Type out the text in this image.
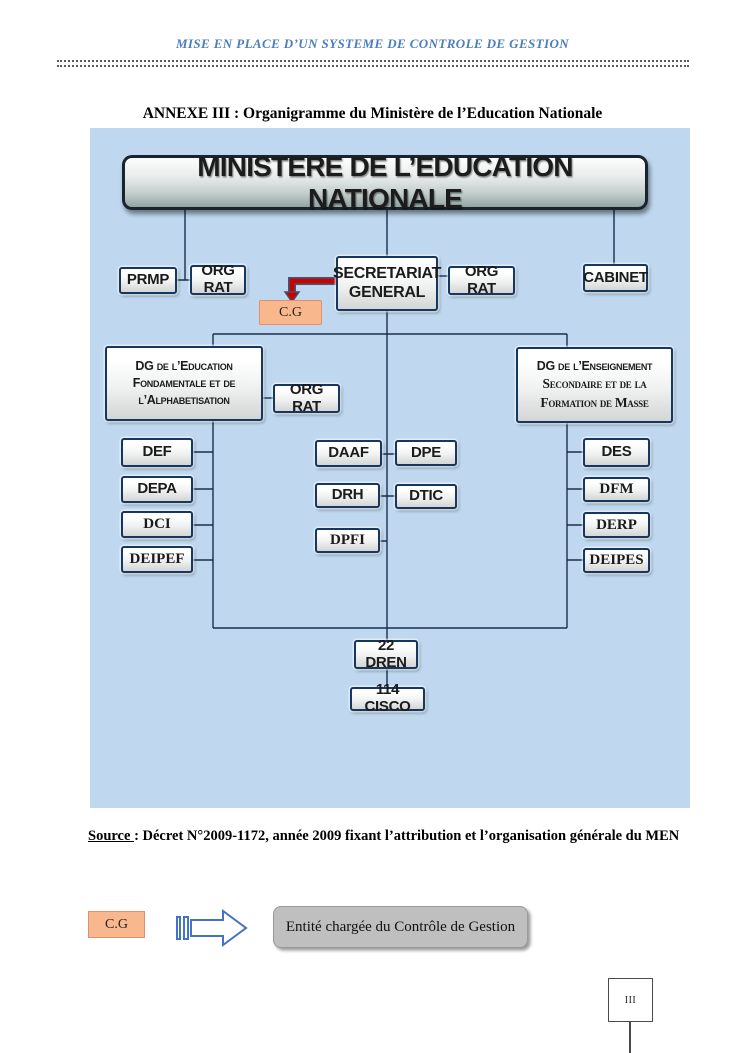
MISE EN PLACE D’UN SYSTEME DE CONTROLE DE GESTION
ANNEXE III : Organigramme du Ministère de l’Education Nationale
MINISTERE DE L’EDUCATION NATIONALE
PRMP
ORG RAT
SECRETARIAT
GENERAL
ORG RAT
CABINET
C.G
DG de l’Education
Fondamentale et de
l’Alphabetisation
ORG RAT
DG de l’Enseignement
Secondaire et de la
Formation de Masse
DEF
DEPA
DCI
DEIPEF
DAAF	DPE
DRH	DTIC
DPFI
DES
DFM
DERP
DEIPES
22 DREN
114 CISCO
Source : Décret N°2009-1172, année 2009 fixant l’attribution et l’organisation générale du MEN
C.G	Entité chargée du Contrôle de Gestion
III
